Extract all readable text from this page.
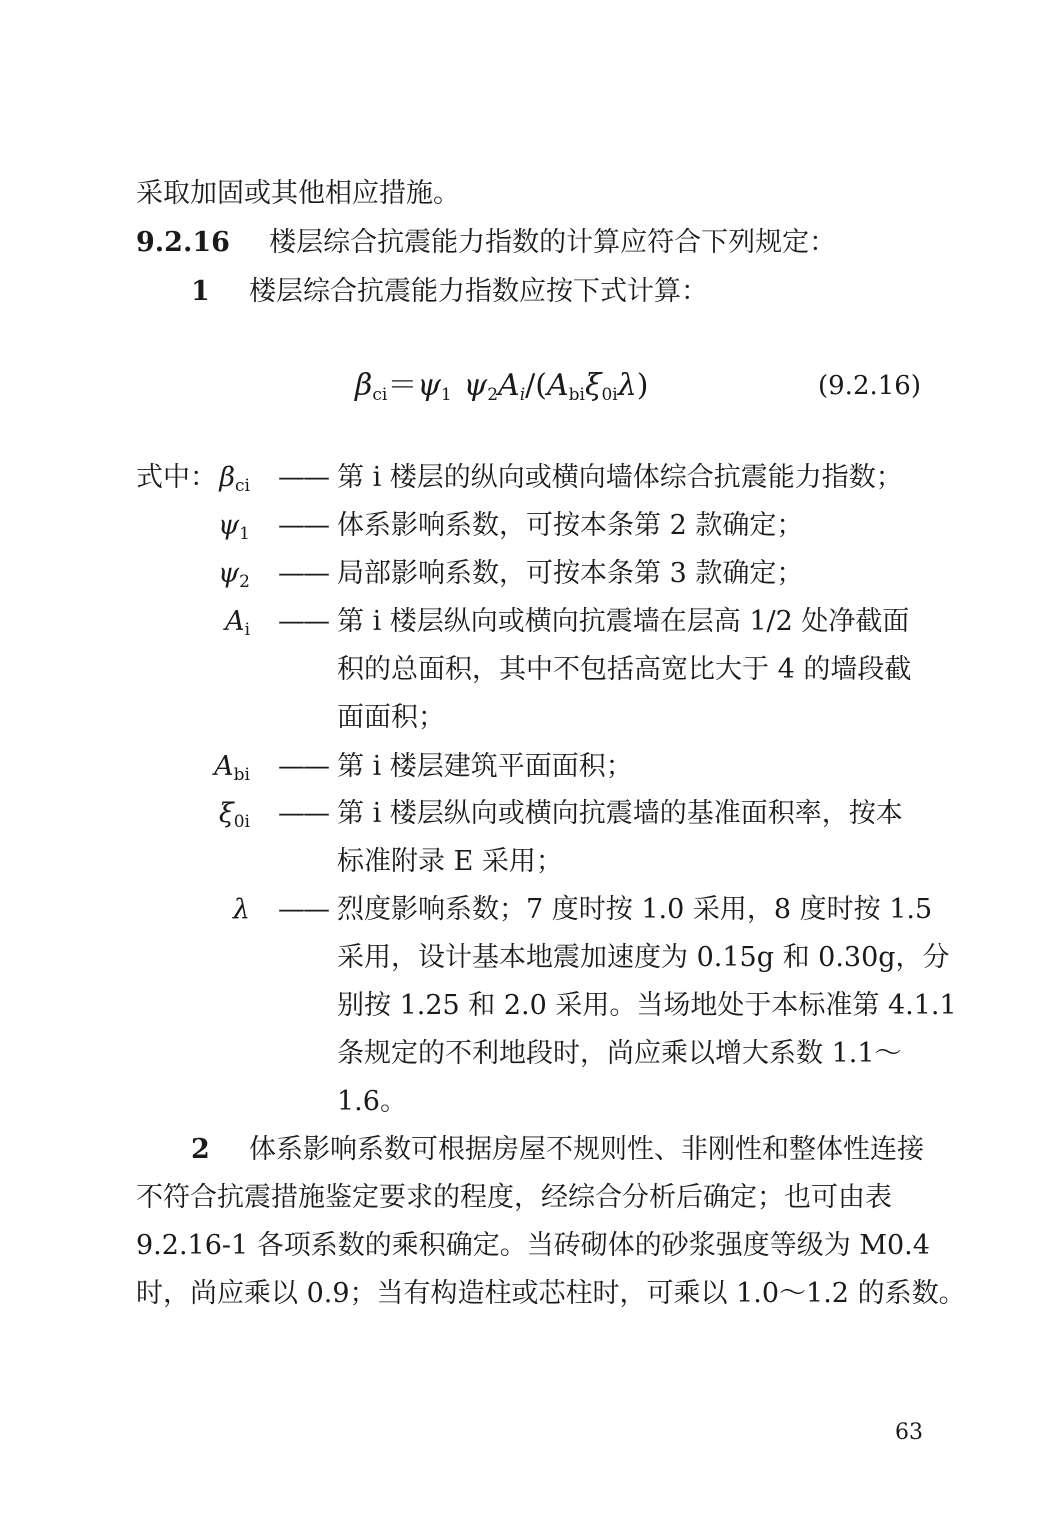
采取加固或其他相应措施。
9.2.16 楼层综合抗震能力指数的计算应符合下列规定：
1 楼层综合抗震能力指数应按下式计算：
$\beta_{ci}=\psi_1$ $\psi_2A_i/(A_{bi}\xi_{0i}\lambda)$	(9.2.16)
式中： $\beta_{ci}$ —— 第 i 楼层的纵向或横向墙体综合抗震能力指数；
$\psi_1$ —— 体系影响系数，可按本条第 2 款确定；
$\psi_2$ —— 局部影响系数，可按本条第 3 款确定；
$A_i$ —— 第 i 楼层纵向或横向抗震墙在层高 1/2 处净截面
积的总面积，其中不包括高宽比大于 4 的墙段截
面面积；
$A_{bi}$ —— 第 i 楼层建筑平面面积；
$\xi_{0i}$ —— 第 i 楼层纵向或横向抗震墙的基准面积率，按本
标准附录 E 采用；
λ —— 烈度影响系数；7 度时按 1.0 采用，8 度时按 1.5
采用，设计基本地震加速度为 0.15g 和 0.30g，分
别按 1.25 和 2.0 采用。当场地处于本标准第 4.1.1
条规定的不利地段时，尚应乘以增大系数 1.1～
1.6。
2 体系影响系数可根据房屋不规则性、非刚性和整体性连接
不符合抗震措施鉴定要求的程度，经综合分析后确定；也可由表
9.2.16-1 各项系数的乘积确定。当砖砌体的砂浆强度等级为 M0.4
时，尚应乘以 0.9；当有构造柱或芯柱时，可乘以 1.0～1.2 的系数。
63
